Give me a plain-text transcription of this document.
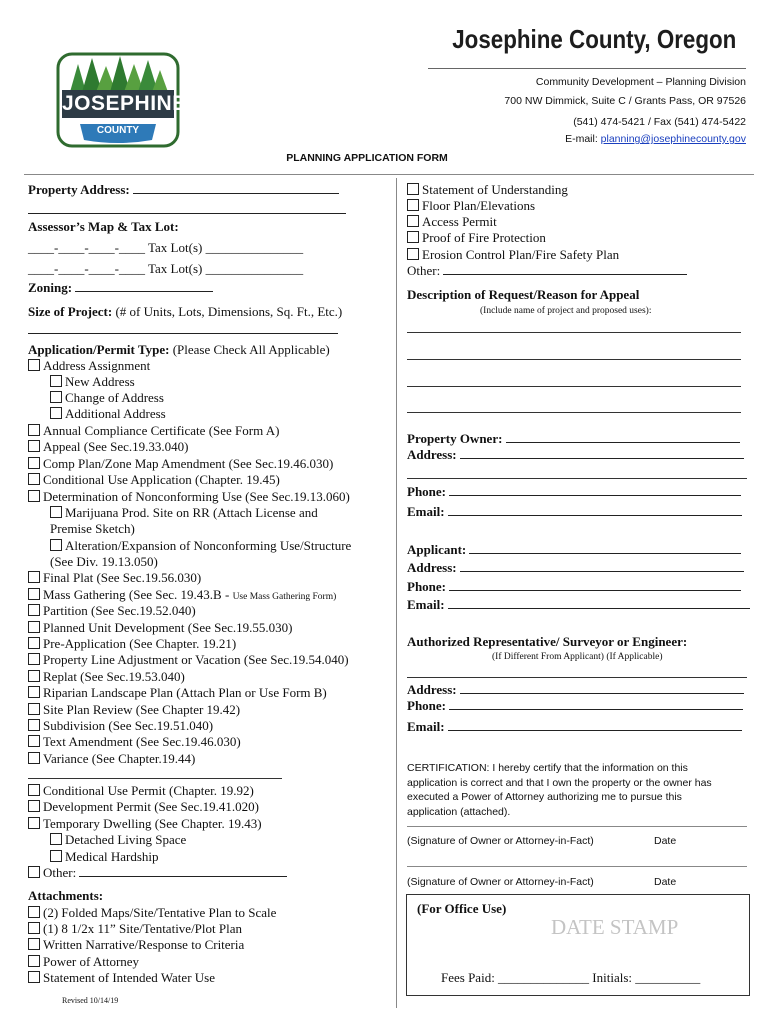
JOSEPHINE
COUNTY
Josephine County, Oregon
Community Development – Planning Division
700 NW Dimmick, Suite C / Grants Pass, OR 97526
(541) 474-5421 / Fax (541) 474-5422
E-mail: planning@josephinecounty.gov
PLANNING APPLICATION FORM
Property Address:
Assessor’s Map & Tax Lot:
____-____-____-____ Tax Lot(s) _______________
____-____-____-____ Tax Lot(s) _______________
Zoning:
Size of Project: (# of Units, Lots, Dimensions, Sq. Ft., Etc.)
Application/Permit Type: (Please Check All Applicable)
Address Assignment
New Address
Change of Address
Additional Address
Annual Compliance Certificate (See Form A)
Appeal (See Sec.19.33.040)
Comp Plan/Zone Map Amendment (See Sec.19.46.030)
Conditional Use Application (Chapter. 19.45)
Determination of Nonconforming Use (See Sec.19.13.060)
Marijuana Prod. Site on RR (Attach License and
Premise Sketch)
Alteration/Expansion of Nonconforming Use/Structure
(See Div. 19.13.050)
Final Plat (See Sec.19.56.030)
Mass Gathering (See Sec. 19.43.B - Use Mass Gathering Form)
Partition (See Sec.19.52.040)
Planned Unit Development (See Sec.19.55.030)
Pre-Application (See Chapter. 19.21)
Property Line Adjustment or Vacation (See Sec.19.54.040)
Replat (See Sec.19.53.040)
Riparian Landscape Plan (Attach Plan or Use Form B)
Site Plan Review (See Chapter 19.42)
Subdivision (See Sec.19.51.040)
Text Amendment (See Sec.19.46.030)
Variance (See Chapter.19.44)
Conditional Use Permit (Chapter. 19.92)
Development Permit (See Sec.19.41.020)
Temporary Dwelling (See Chapter. 19.43)
Detached Living Space
Medical Hardship
Other:
Attachments:
(2) Folded Maps/Site/Tentative Plan to Scale
(1) 8 1/2x 11” Site/Tentative/Plot Plan
Written Narrative/Response to Criteria
Power of Attorney
Statement of Intended Water Use
Revised 10/14/19
Statement of Understanding
Floor Plan/Elevations
Access Permit
Proof of Fire Protection
Erosion Control Plan/Fire Safety Plan
Other:
Description of Request/Reason for Appeal
(Include name of project and proposed uses):
Property Owner:
Address:
Phone:
Email:
Applicant:
Address:
Phone:
Email:
Authorized Representative/ Surveyor or Engineer:
(If Different From Applicant) (If Applicable)
Address:
Phone:
Email:
CERTIFICATION: I hereby certify that the information on this
application is correct and that I own the property or the owner has
executed a Power of Attorney authorizing me to pursue this
application (attached).
(Signature of Owner or Attorney-in-Fact)	Date
(Signature of Owner or Attorney-in-Fact)	Date
(For Office Use)
DATE STAMP
Fees Paid: ______________ Initials: __________
